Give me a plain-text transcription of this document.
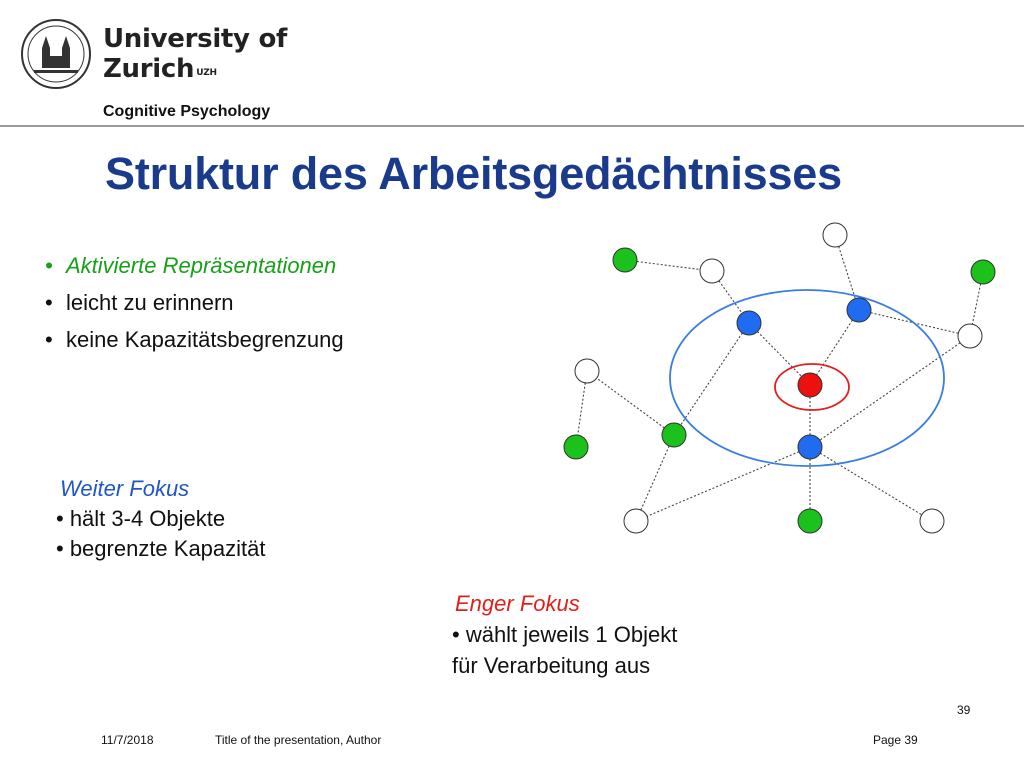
University of
Zurich $^{UZH}$
Cognitive Psychology
Struktur des Arbeitsgedächtnisses
• Aktivierte Repräsentationen
• leicht zu erinnern
• keine Kapazitätsbegrenzung
Weiter Fokus
• hält 3-4 Objekte
• begrenzte Kapazität
Enger Fokus
• wählt jeweils 1 Objekt
für Verarbeitung aus
39
11/7/2018	Title of the presentation, Author	Page 39
